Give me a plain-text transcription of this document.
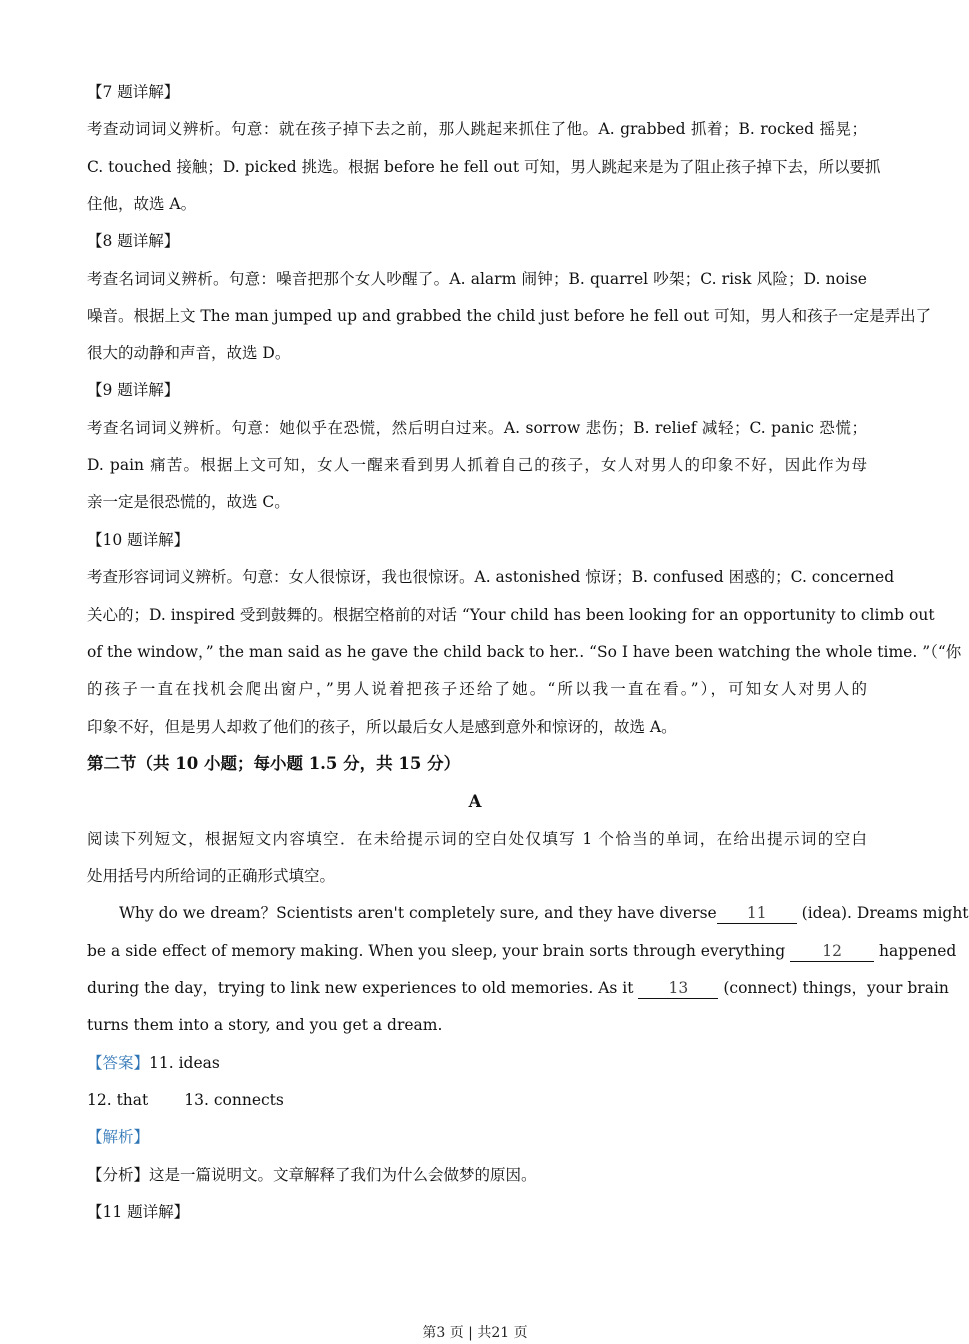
【7 题详解】
考查动词词义辨析。句意：就在孩子掉下去之前，那人跳起来抓住了他。A. grabbed 抓着；B. rocked 摇晃；
C. touched 接触；D. picked 挑选。根据 before he fell out 可知，男人跳起来是为了阻止孩子掉下去，所以要抓
住他，故选 A。
【8 题详解】
考查名词词义辨析。句意：噪音把那个女人吵醒了。A. alarm 闹钟；B. quarrel 吵架；C. risk 风险；D. noise
噪音。根据上文 The man jumped up and grabbed the child just before he fell out 可知，男人和孩子一定是弄出了
很大的动静和声音，故选 D。
【9 题详解】
考查名词词义辨析。句意：她似乎在恐慌，然后明白过来。A. sorrow 悲伤；B. relief 减轻；C. panic 恐慌；
D. pain 痛苦。根据上文可知，女人一醒来看到男人抓着自己的孩子，女人对男人的印象不好，因此作为母
亲一定是很恐慌的，故选 C。
【10 题详解】
考查形容词词义辨析。句意：女人很惊讶，我也很惊讶。A. astonished 惊讶；B. confused 困惑的；C. concerned
关心的；D. inspired 受到鼓舞的。根据空格前的对话 “Your child has been looking for an opportunity to climb out
of the window，” the man said as he gave the child back to her.. “So I have been watching the whole time. ”（“你
的孩子一直在找机会爬出窗户，”男人说着把孩子还给了她。“所以我一直在看。”），可知女人对男人的
印象不好，但是男人却救了他们的孩子，所以最后女人是感到意外和惊讶的，故选 A。
第二节（共 10 小题；每小题 1.5 分，共 15 分）
A
阅读下列短文，根据短文内容填空．在未给提示词的空白处仅填写 1 个恰当的单词，在给出提示词的空白
处用括号内所给词的正确形式填空。
Why do we dream？Scientists aren't completely sure, and they have diverse 11 (idea). Dreams might
be a side effect of memory making. When you sleep, your brain sorts through everything 12 happened
during the day，trying to link new experiences to old memories. As it 13 (connect) things，your brain
turns them into a story, and you get a dream.
【答案】11. ideas
12. that 13. connects
【解析】
【分析】这是一篇说明文。文章解释了我们为什么会做梦的原因。
【11 题详解】
第3 页 | 共21 页
